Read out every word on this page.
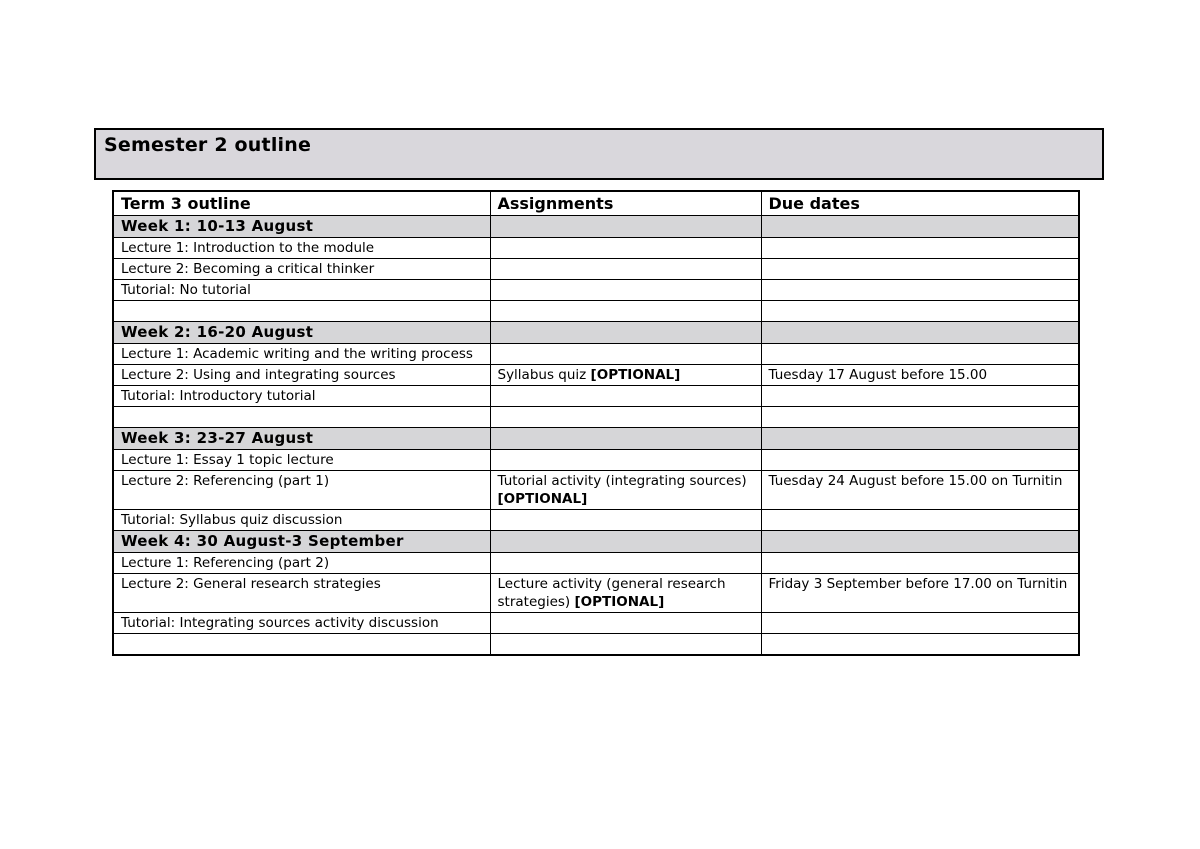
Semester 2 outline
Term 3 outline	Assignments	Due dates
Week 1: 10-13 August		
Lecture 1: Introduction to the module		
Lecture 2: Becoming a critical thinker		
Tutorial: No tutorial		

Week 2: 16-20 August		
Lecture 1: Academic writing and the writing process		
Lecture 2: Using and integrating sources	Syllabus quiz [OPTIONAL]	Tuesday 17 August before 15.00
Tutorial: Introductory tutorial		

Week 3: 23-27 August		
Lecture 1: Essay 1 topic lecture		
Lecture 2: Referencing (part 1)	Tutorial activity (integrating sources) [OPTIONAL]	Tuesday 24 August before 15.00 on Turnitin
Tutorial: Syllabus quiz discussion		
Week 4: 30 August-3 September		
Lecture 1: Referencing (part 2)		
Lecture 2: General research strategies	Lecture activity (general research strategies) [OPTIONAL]	Friday 3 September before 17.00 on Turnitin
Tutorial: Integrating sources activity discussion		
